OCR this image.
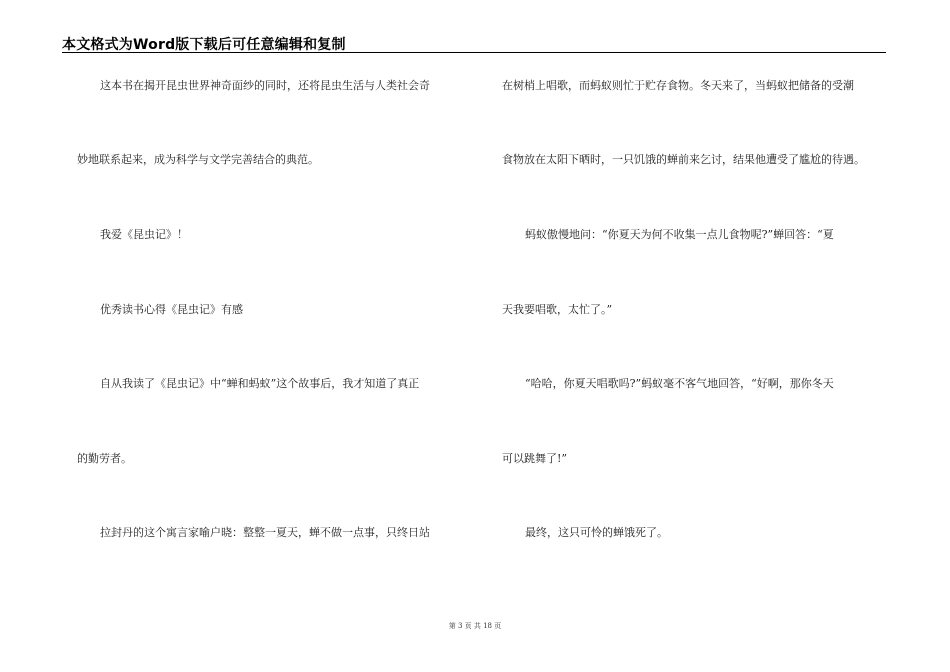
本文格式为Word版下载后可任意编辑和复制
这本书在揭开昆虫世界神奇面纱的同时，还将昆虫生活与人类社会奇
妙地联系起来，成为科学与文学完善结合的典范。
我爱《昆虫记》！
优秀读书心得《昆虫记》有感
自从我读了《昆虫记》中“蝉和蚂蚁”这个故事后，我才知道了真正
的勤劳者。
拉封丹的这个寓言家喻户晓：整整一夏天，蝉不做一点事，只终日站
在树梢上唱歌，而蚂蚁则忙于贮存食物。冬天来了，当蚂蚁把储备的受潮
食物放在太阳下晒时，一只饥饿的蝉前来乞讨，结果他遭受了尴尬的待遇。
蚂蚁傲慢地问：“你夏天为何不收集一点儿食物呢?”蝉回答：“夏
天我要唱歌，太忙了。”
“哈哈，你夏天唱歌吗?”蚂蚁毫不客气地回答，“好啊，那你冬天
可以跳舞了!”
最终，这只可怜的蝉饿死了。
第 3 页 共 18 页
